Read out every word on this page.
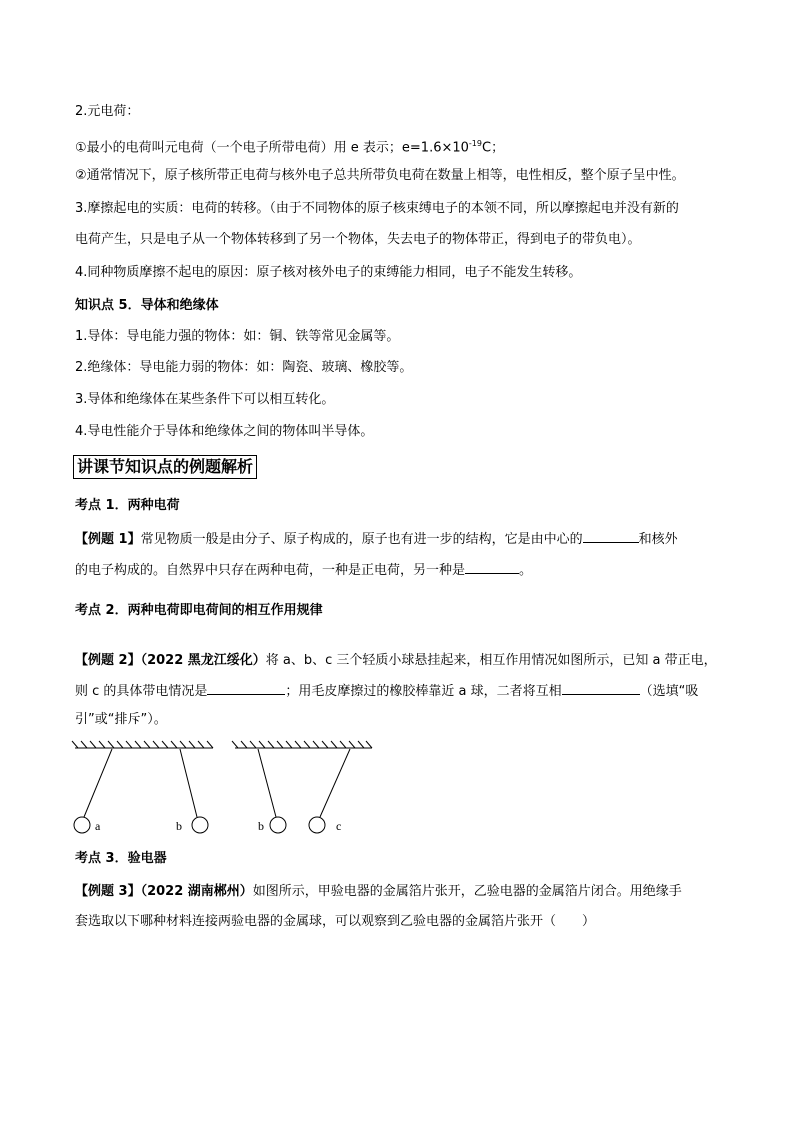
2.元电荷：
①最小的电荷叫元电荷（一个电子所带电荷）用 e 表示；$e=1.6\times 10^{-19}C$；
②通常情况下，原子核所带正电荷与核外电子总共所带负电荷在数量上相等，电性相反，整个原子呈中性。
3.摩擦起电的实质：电荷的转移。（由于不同物体的原子核束缚电子的本领不同，所以摩擦起电并没有新的
电荷产生，只是电子从一个物体转移到了另一个物体，失去电子的物体带正，得到电子的带负电）。
4.同种物质摩擦不起电的原因：原子核对核外电子的束缚能力相同，电子不能发生转移。
知识点 5．导体和绝缘体
1.导体：导电能力强的物体：如：铜、铁等常见金属等。
2.绝缘体：导电能力弱的物体：如：陶瓷、玻璃、橡胶等。
3.导体和绝缘体在某些条件下可以相互转化。
4.导电性能介于导体和绝缘体之间的物体叫半导体。
讲课节知识点的例题解析
考点 1．两种电荷
【例题 1】常见物质一般是由分子、原子构成的，原子也有进一步的结构，它是由中心的	和核外
的电子构成的。自然界中只存在两种电荷，一种是正电荷，另一种是	。
考点 2．两种电荷即电荷间的相互作用规律
【例题 2】（2022 黑龙江绥化）将 a、b、c 三个轻质小球悬挂起来，相互作用情况如图所示，已知 a 带正电，
则 c 的具体带电情况是	；用毛皮摩擦过的橡胶棒靠近 a 球，二者将互相	（选填“吸
引”或“排斥”）。
a	b	b	c
考点 3．验电器
【例题 3】（2022 湖南郴州）如图所示，甲验电器的金属箔片张开，乙验电器的金属箔片闭合。用绝缘手
套选取以下哪种材料连接两验电器的金属球，可以观察到乙验电器的金属箔片张开（　　）
